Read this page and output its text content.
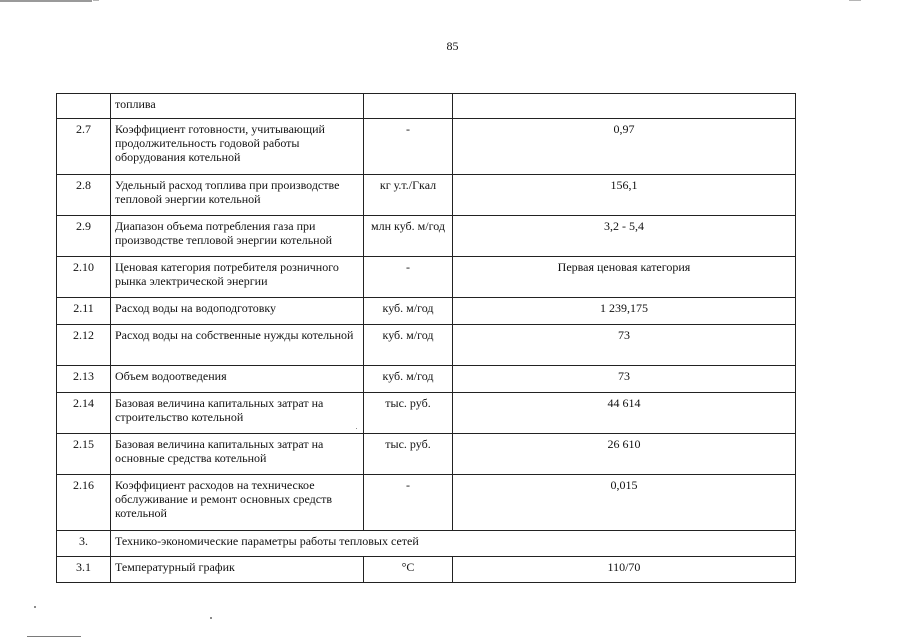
85
	топлива		
2.7	Коэффициент готовности, учитывающий продолжительность годовой работы оборудования котельной	-	0,97
2.8	Удельный расход топлива при производстве тепловой энергии котельной	кг у.т./Гкал	156,1
2.9	Диапазон объема потребления газа при производстве тепловой энергии котельной	млн куб. м/год	3,2 - 5,4
2.10	Ценовая категория потребителя розничного рынка электрической энергии	-	Первая ценовая категория
2.11	Расход воды на водоподготовку	куб. м/год	1 239,175
2.12	Расход воды на собственные нужды котельной	куб. м/год	73
2.13	Объем водоотведения	куб. м/год	73
2.14	Базовая величина капитальных затрат на строительство котельной	тыс. руб.	44 614
2.15	Базовая величина капитальных затрат на основные средства котельной	тыс. руб.	26 610
2.16	Коэффициент расходов на техническое обслуживание и ремонт основных средств котельной	-	0,015
3.	Технико-экономические параметры работы тепловых сетей		
3.1	Температурный график	°С	110/70
